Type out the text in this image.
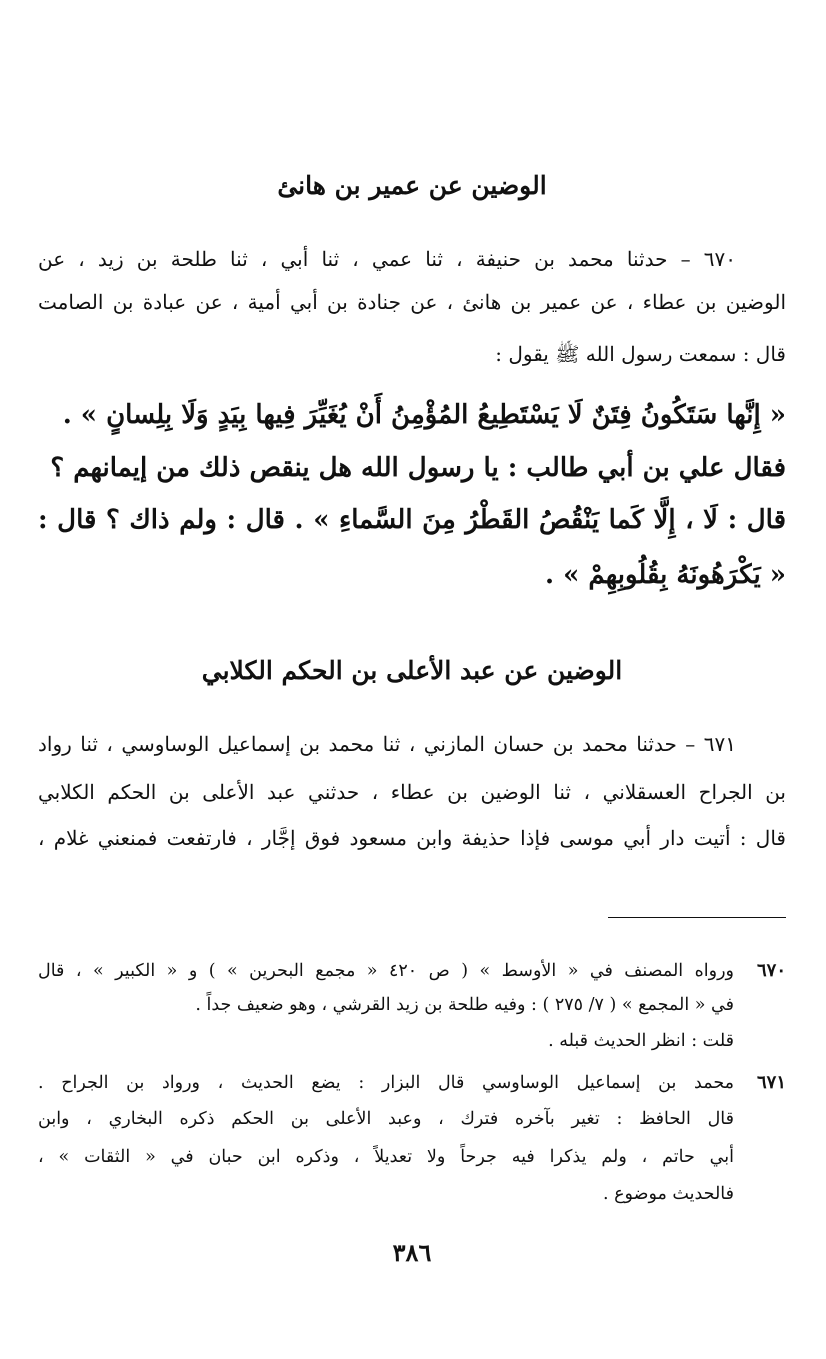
الوضين عن عمير بن هانئ
٦٧٠ – حدثنا محمد بن حنيفة ، ثنا عمي ، ثنا أبي ، ثنا طلحة بن زيد ، عن
الوضين بن عطاء ، عن عمير بن هانئ ، عن جنادة بن أبي أمية ، عن عبادة بن الصامت
قال : سمعت رسول الله ﷺ يقول :
« إِنَّها سَتَكُونُ فِتَنٌ لَا يَسْتَطِيعُ المُؤْمِنُ أَنْ يُغَيِّرَ فِيها بِيَدٍ وَلَا بِلِسانٍ » .
فقال علي بن أبي طالب : يا رسول الله هل ينقص ذلك من إيمانهم ؟
قال : لَا ، إِلَّا كَما يَنْقُصُ القَطْرُ مِنَ السَّماءِ » . قال : ولم ذاك ؟ قال :
« يَكْرَهُونَهُ بِقُلُوبِهِمْ » .
الوضين عن عبد الأعلى بن الحكم الكلابي
٦٧١ – حدثنا محمد بن حسان المازني ، ثنا محمد بن إسماعيل الوساوسي ، ثنا رواد
بن الجراح العسقلاني ، ثنا الوضين بن عطاء ، حدثني عبد الأعلى بن الحكم الكلابي
قال : أتيت دار أبي موسى فإذا حذيفة وابن مسعود فوق إجَّار ، فارتفعت فمنعني غلام ،
٦٧٠
ورواه المصنف في « الأوسط » ( ص ٤٢٠ « مجمع البحرين » ) و « الكبير » ، قال
في « المجمع » ( ٧/ ٢٧٥ ) : وفيه طلحة بن زيد القرشي ، وهو ضعيف جداً .
قلت : انظر الحديث قبله .
٦٧١
محمد بن إسماعيل الوساوسي قال البزار : يضع الحديث ، ورواد بن الجراح .
قال الحافظ : تغير بآخره فترك ، وعبد الأعلى بن الحكم ذكره البخاري ، وابن
أبي حاتم ، ولم يذكرا فيه جرحاً ولا تعديلاً ، وذكره ابن حبان في « الثقات » ،
فالحديث موضوع .
٣٨٦
